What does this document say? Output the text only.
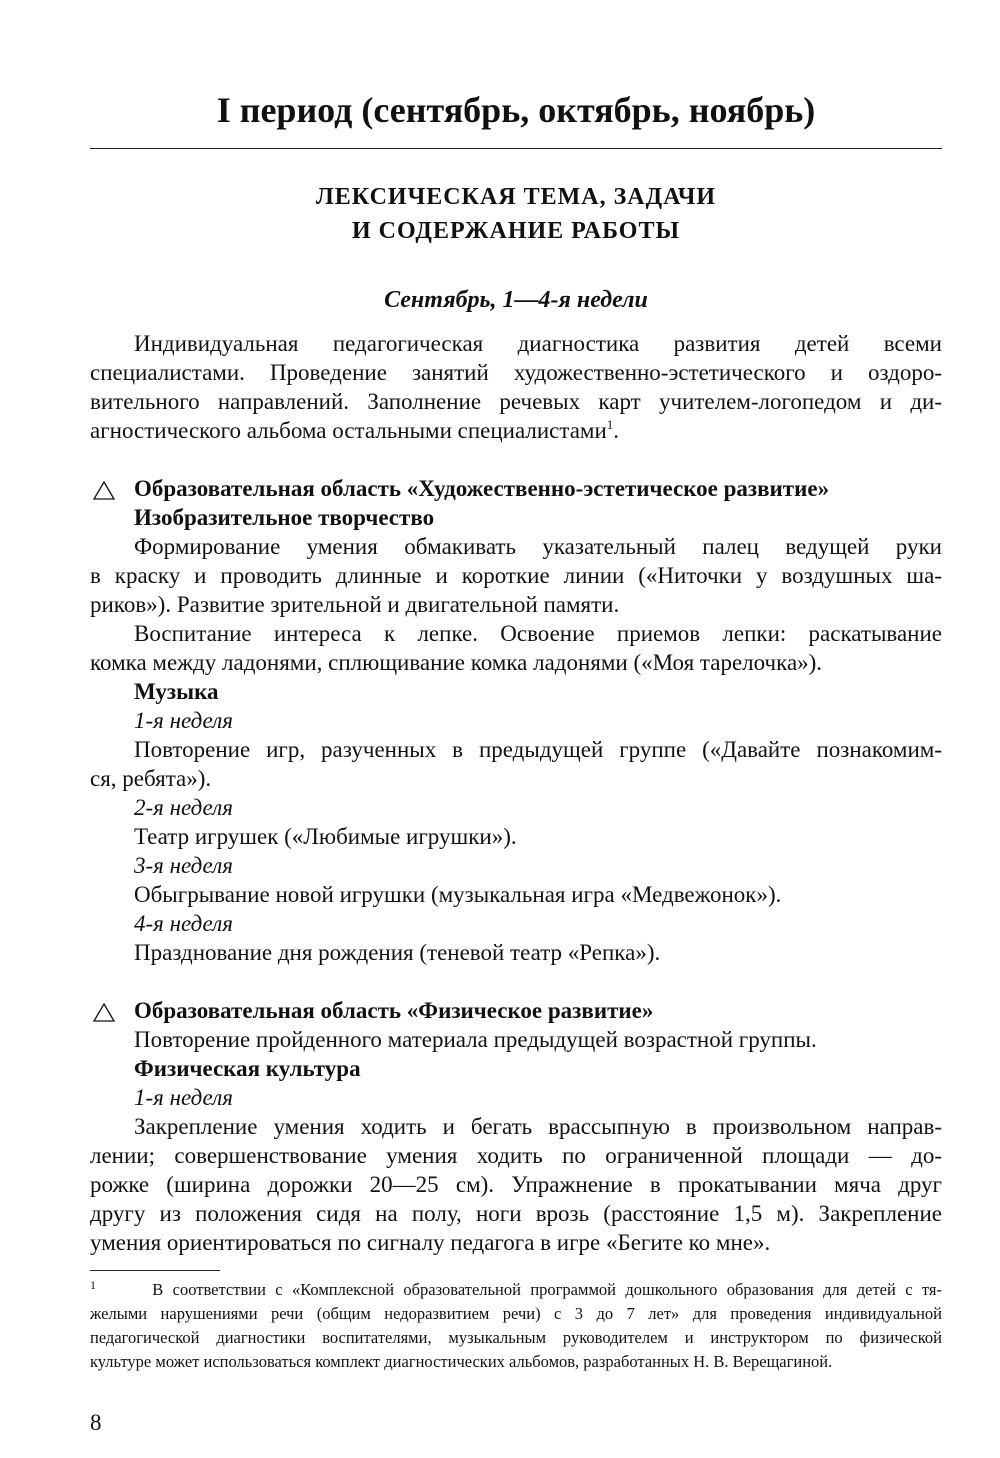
I период (сентябрь, октябрь, ноябрь)
ЛЕКСИЧЕСКАЯ ТЕМА, ЗАДАЧИ
И СОДЕРЖАНИЕ РАБОТЫ
Сентябрь, 1—4-я недели
Индивидуальная педагогическая диагностика развития детей всеми
специалистами. Проведение занятий художественно-эстетического и оздоро-
вительного направлений. Заполнение речевых карт учителем-логопедом и ди-
агностического альбома остальными специалистами$^1$.
Образовательная область «Художественно-эстетическое развитие»
Изобразительное творчество
Формирование умения обмакивать указательный палец ведущей руки
в краску и проводить длинные и короткие линии («Ниточки у воздушных ша-
риков»). Развитие зрительной и двигательной памяти.
Воспитание интереса к лепке. Освоение приемов лепки: раскатывание
комка между ладонями, сплющивание комка ладонями («Моя тарелочка»).
Музыка
1-я неделя
Повторение игр, разученных в предыдущей группе («Давайте познакомим-
ся, ребята»).
2-я неделя
Театр игрушек («Любимые игрушки»).
3-я неделя
Обыгрывание новой игрушки (музыкальная игра «Медвежонок»).
4-я неделя
Празднование дня рождения (теневой театр «Репка»).
Образовательная область «Физическое развитие»
Повторение пройденного материала предыдущей возрастной группы.
Физическая культура
1-я неделя
Закрепление умения ходить и бегать врассыпную в произвольном направ-
лении; совершенствование умения ходить по ограниченной площади — до-
рожке (ширина дорожки 20—25 см). Упражнение в прокатывании мяча друг
другу из положения сидя на полу, ноги врозь (расстояние 1,5 м). Закрепление
умения ориентироваться по сигналу педагога в игре «Бегите ко мне».
$^1$	В соответствии с «Комплексной образовательной программой дошкольного образования для детей с тя-
желыми нарушениями речи (общим недоразвитием речи) с 3 до 7 лет» для проведения индивидуальной
педагогической диагностики воспитателями, музыкальным руководителем и инструктором по физической
культуре может использоваться комплект диагностических альбомов, разработанных Н. В. Верещагиной.
8
